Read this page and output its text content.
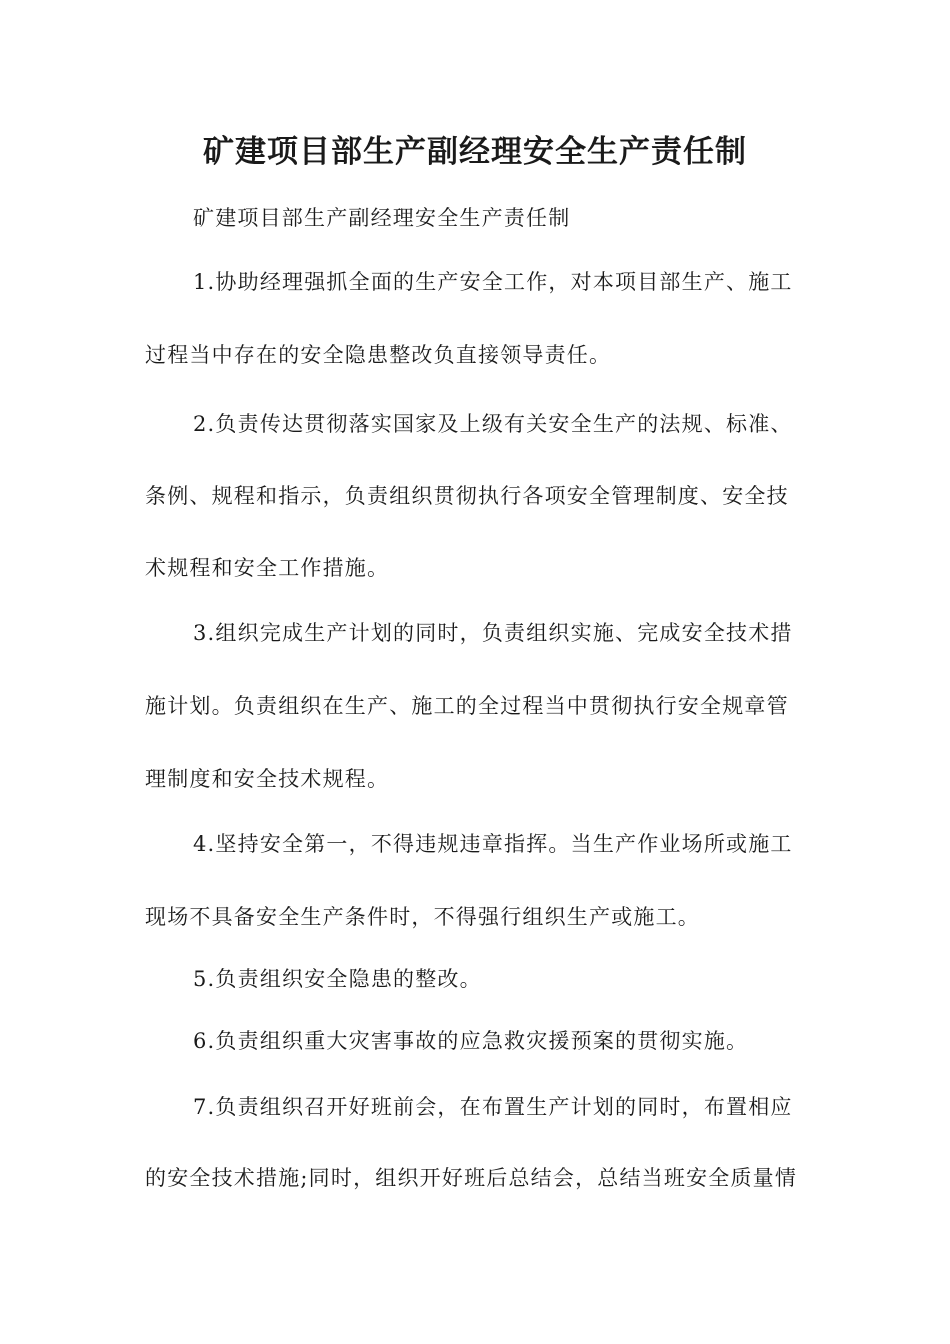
矿建项目部生产副经理安全生产责任制
矿建项目部生产副经理安全生产责任制
1.协助经理强抓全面的生产安全工作，对本项目部生产、施工
过程当中存在的安全隐患整改负直接领导责任。
2.负责传达贯彻落实国家及上级有关安全生产的法规、标准、
条例、规程和指示，负责组织贯彻执行各项安全管理制度、安全技
术规程和安全工作措施。
3.组织完成生产计划的同时，负责组织实施、完成安全技术措
施计划。负责组织在生产、施工的全过程当中贯彻执行安全规章管
理制度和安全技术规程。
4.坚持安全第一，不得违规违章指挥。当生产作业场所或施工
现场不具备安全生产条件时，不得强行组织生产或施工。
5.负责组织安全隐患的整改。
6.负责组织重大灾害事故的应急救灾援预案的贯彻实施。
7.负责组织召开好班前会，在布置生产计划的同时，布置相应
的安全技术措施;同时，组织开好班后总结会，总结当班安全质量情
